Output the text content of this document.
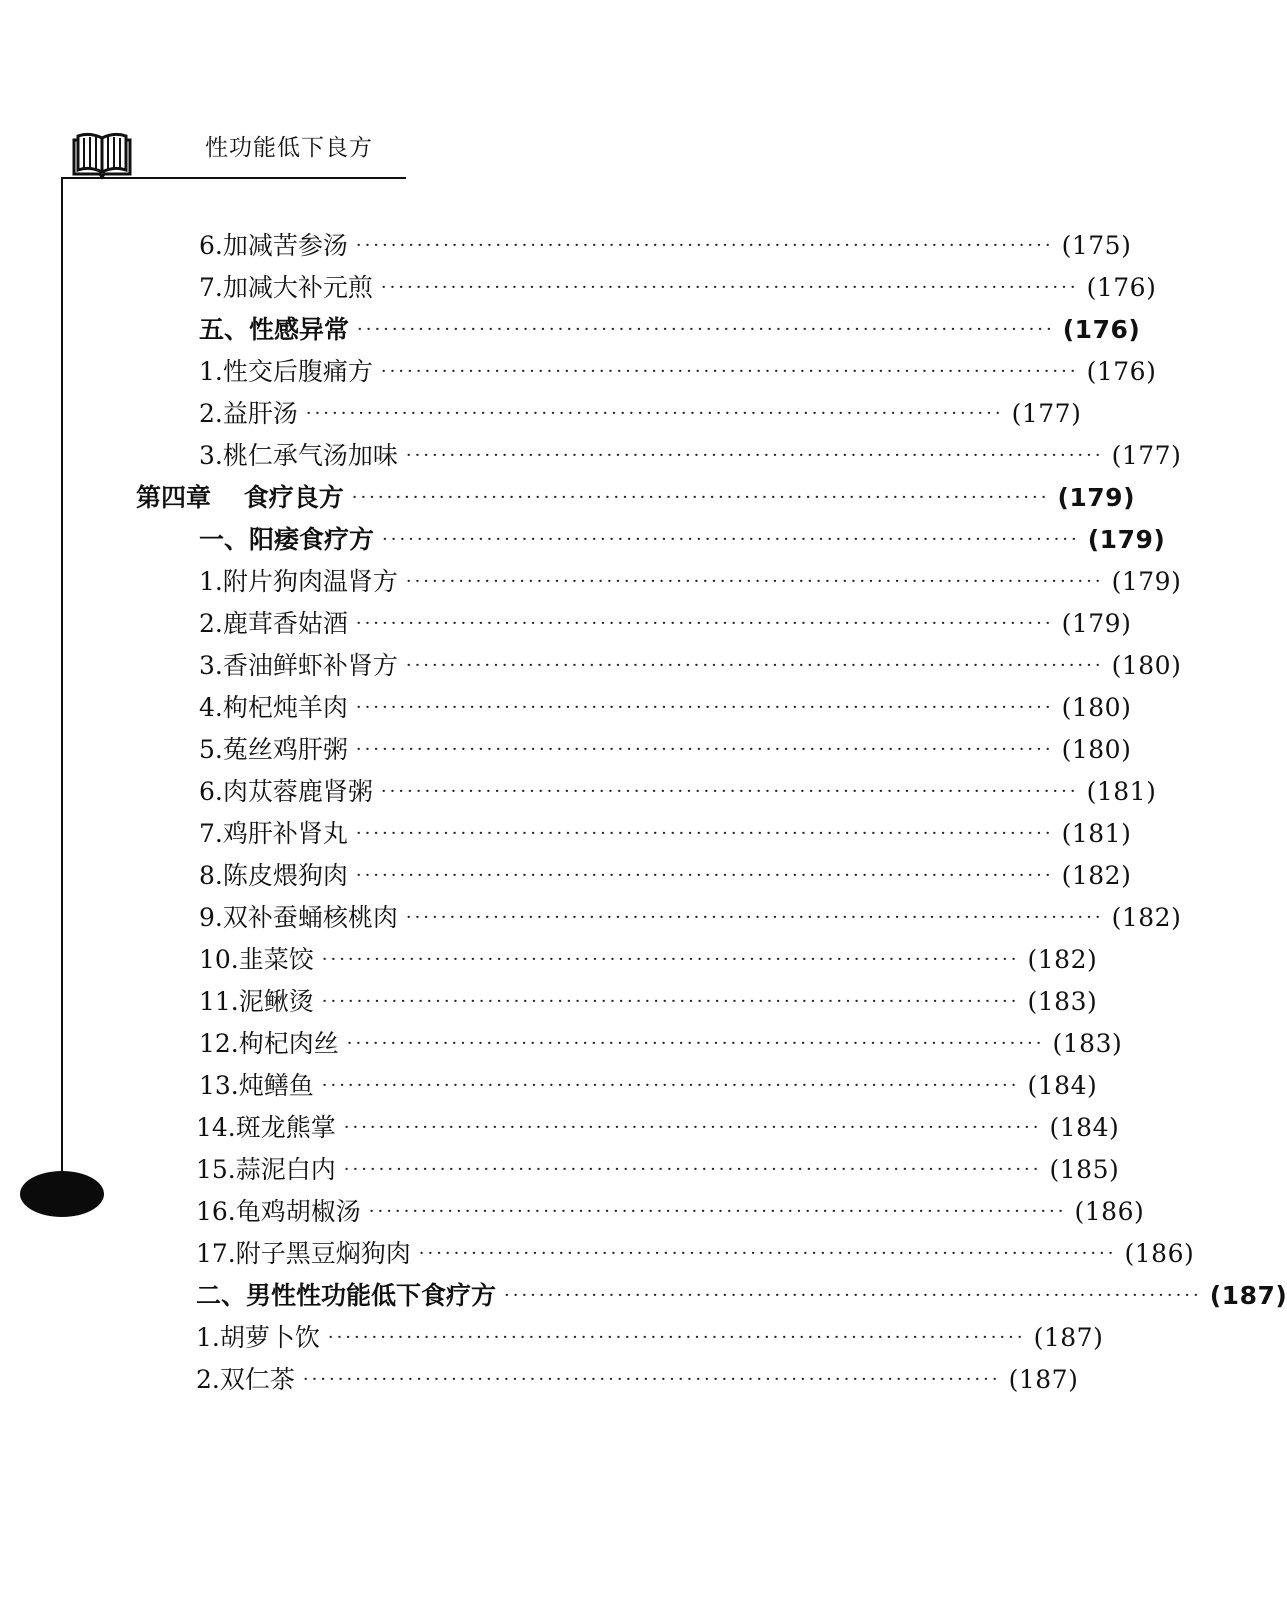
性功能低下良方
6.加减苦参汤 ················································································ (175)
7.加减大补元煎 ················································································ (176)
五、性感异常 ················································································ (176)
1.性交后腹痛方 ················································································ (176)
2.益肝汤 ················································································ (177)
3.桃仁承气汤加味 ················································································ (177)
第四章 食疗良方 ················································································ (179)
一、阳痿食疗方 ················································································ (179)
1.附片狗肉温肾方 ················································································ (179)
2.鹿茸香姑酒 ················································································ (179)
3.香油鲜虾补肾方 ················································································ (180)
4.枸杞炖羊肉 ················································································ (180)
5.菟丝鸡肝粥 ················································································ (180)
6.肉苁蓉鹿肾粥 ················································································ (181)
7.鸡肝补肾丸 ················································································ (181)
8.陈皮煨狗肉 ················································································ (182)
9.双补蚕蛹核桃肉 ················································································ (182)
10.韭菜饺 ················································································ (182)
11.泥鳅烫 ················································································ (183)
12.枸杞肉丝 ················································································ (183)
13.炖鳝鱼 ················································································ (184)
14.斑龙熊掌 ················································································ (184)
15.蒜泥白内 ················································································ (185)
16.龟鸡胡椒汤 ················································································ (186)
17.附子黑豆焖狗肉 ················································································ (186)
二、男性性功能低下食疗方 ················································································ (187)
1.胡萝卜饮 ················································································ (187)
2.双仁茶 ················································································ (187)
